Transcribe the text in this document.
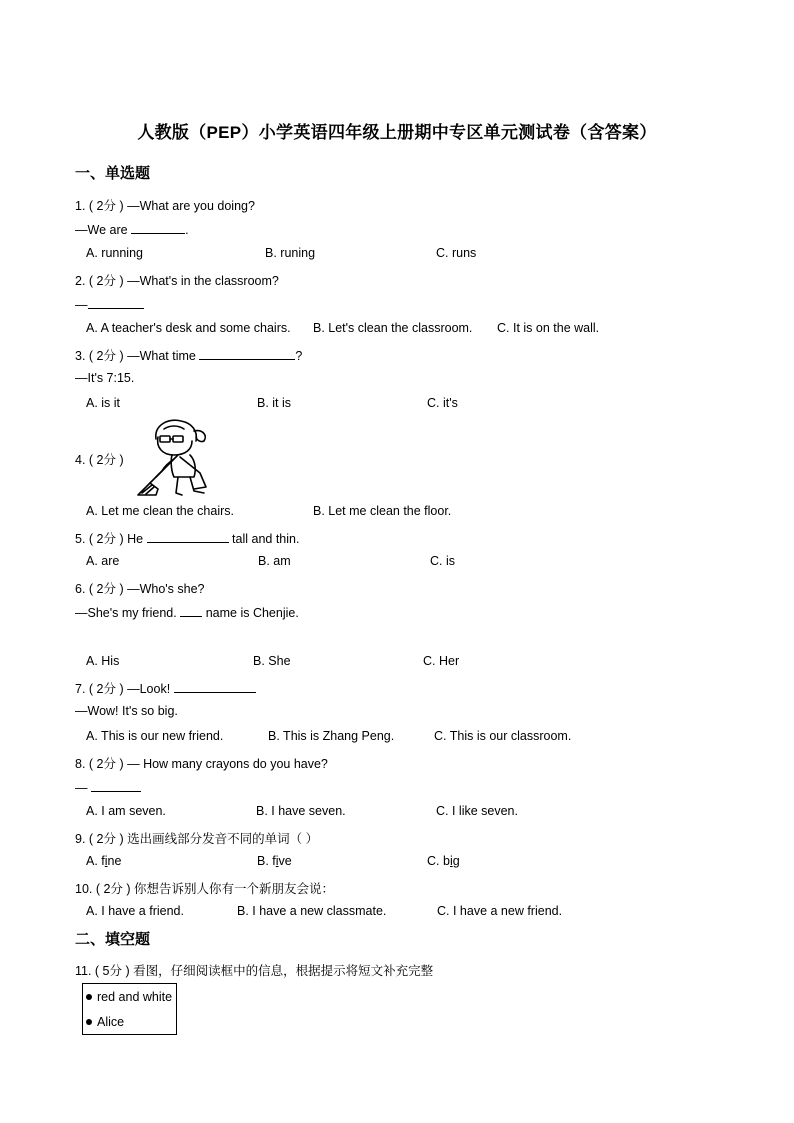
人教版（PEP）小学英语四年级上册期中专区单元测试卷（含答案）
一、单选题
1. ( 2分 ) —What are you doing?
—We are	.
A. running	B. runing	C. runs
2. ( 2分 ) —What's in the classroom?
—
A. A teacher's desk and some chairs. B. Let's clean the classroom. C. It is on the wall.
3. ( 2分 ) —What time	?
—It's 7:15.
A. is it	B. it is	C. it's
4. ( 2分 )
A. Let me clean the chairs.	B. Let me clean the floor.
5. ( 2分 ) He	tall and thin.
A. are	B. am	C. is
6. ( 2分 ) —Who's she?
—She's my friend. name is Chenjie.
A. His	B. She	C. Her
7. ( 2分 ) —Look!
—Wow! It's so big.
A. This is our new friend.	B. This is Zhang Peng.	C. This is our classroom.
8. ( 2分 ) — How many crayons do you have?
—
A. I am seven.	B. I have seven.	C. I like seven.
9. ( 2分 ) 选出画线部分发音不同的单词（ ）
A. fine	B. five	C. big
10. ( 2分 ) 你想告诉别人你有一个新朋友会说：
A. I have a friend.	B. I have a new classmate.	C. I have a new friend.
二、填空题
11. ( 5分 ) 看图，仔细阅读框中的信息，根据提示将短文补充完整
red and white
Alice
